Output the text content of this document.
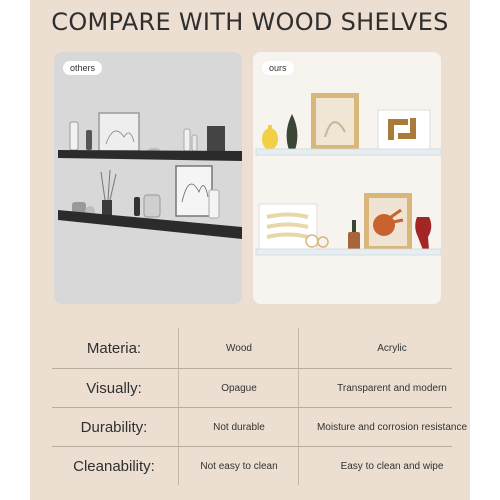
COMPARE WITH WOOD SHELVES
others	ours
Materia:	Wood	Acrylic
Visually:	Opague	Transparent and modern
Durability:	Not durable	Moisture and corrosion resistance
Cleanability:	Not easy to clean	Easy to clean and wipe
